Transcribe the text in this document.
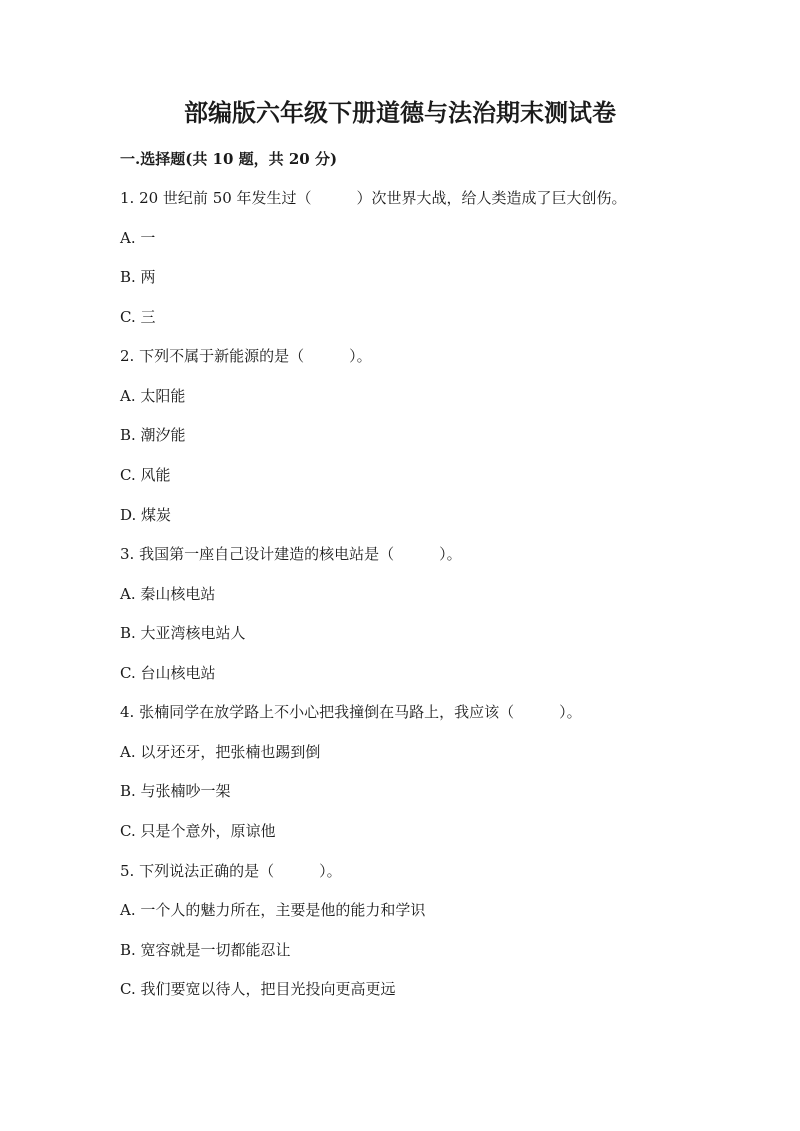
部编版六年级下册道德与法治期末测试卷
一.选择题(共 10 题，共 20 分)
1. 20 世纪前 50 年发生过（　　　）次世界大战，给人类造成了巨大创伤。
A. 一
B. 两
C. 三
2. 下列不属于新能源的是（　　　）。
A. 太阳能
B. 潮汐能
C. 风能
D. 煤炭
3. 我国第一座自己设计建造的核电站是（　　　）。
A. 秦山核电站
B. 大亚湾核电站人
C. 台山核电站
4. 张楠同学在放学路上不小心把我撞倒在马路上，我应该（　　　）。
A. 以牙还牙，把张楠也踢到倒
B. 与张楠吵一架
C. 只是个意外，原谅他
5. 下列说法正确的是（　　　）。
A. 一个人的魅力所在，主要是他的能力和学识
B. 宽容就是一切都能忍让
C. 我们要宽以待人，把目光投向更高更远
